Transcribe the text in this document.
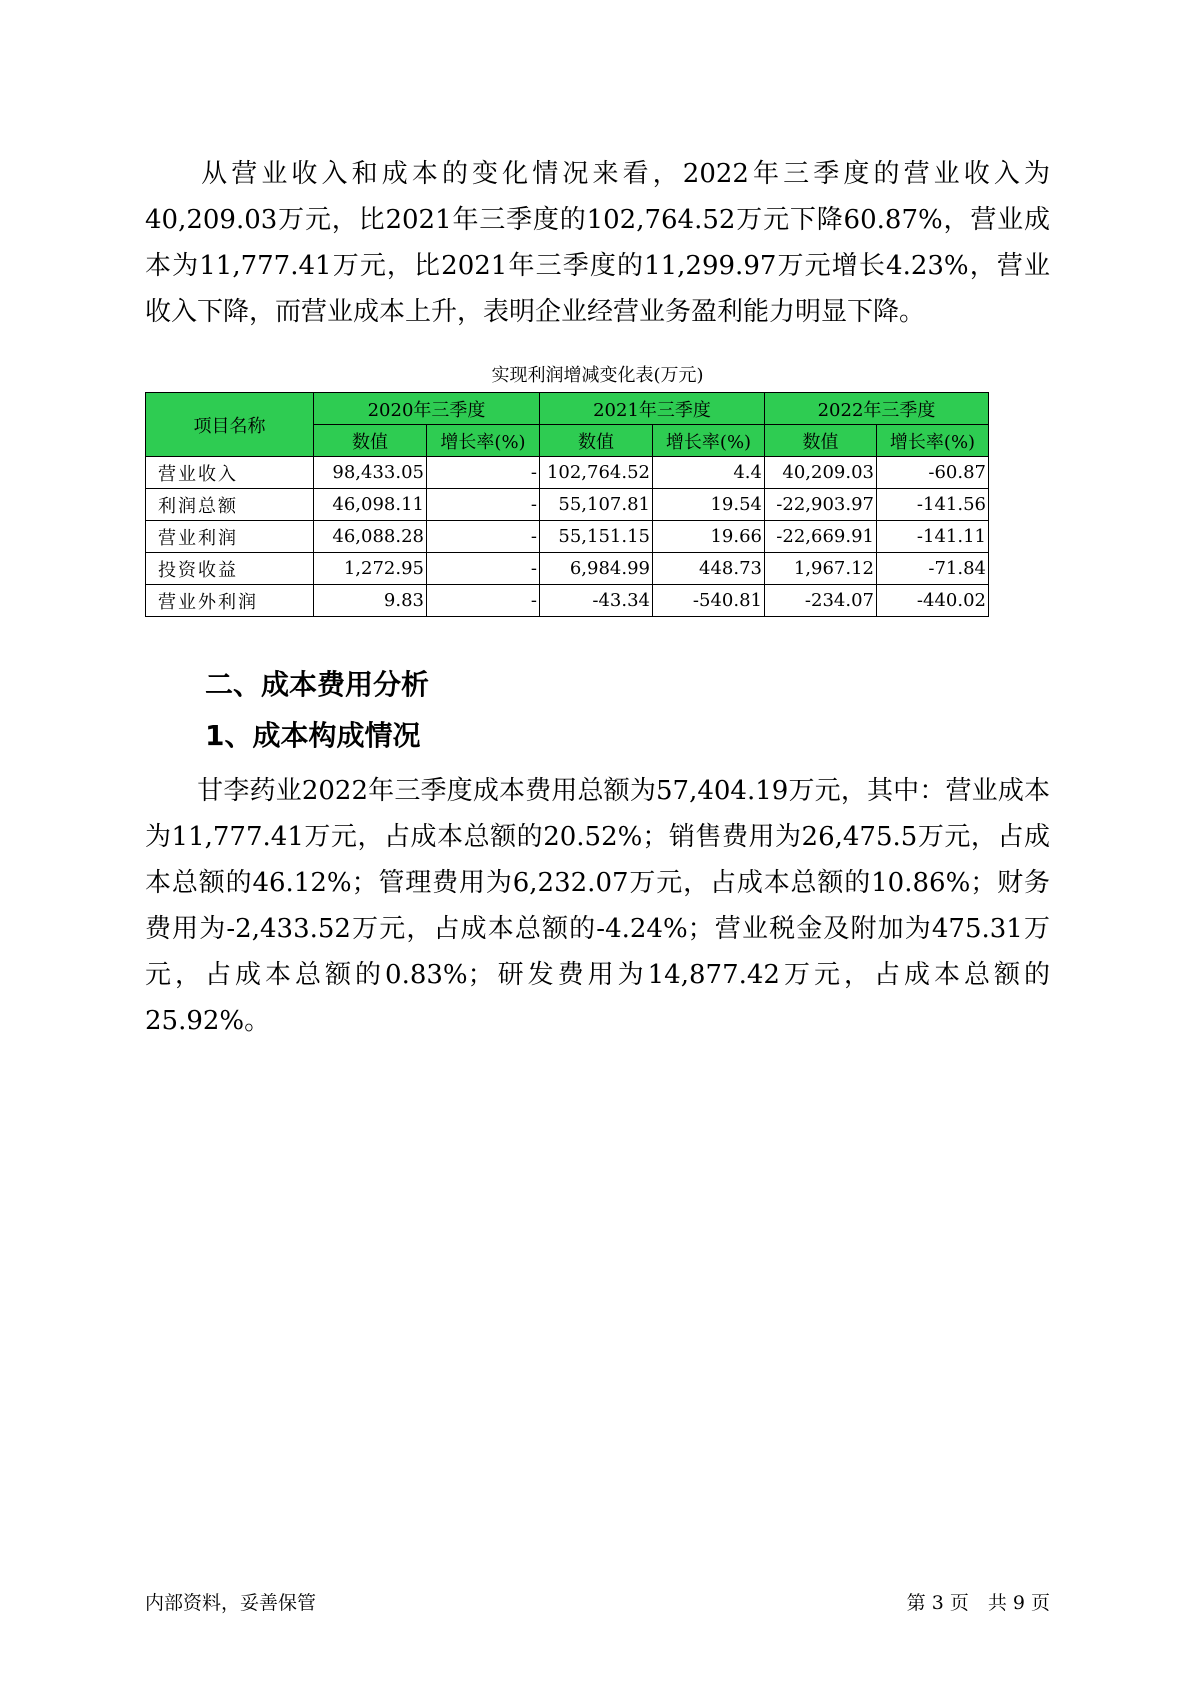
从营业收入和成本的变化情况来看，2022年三季度的营业收入为40,209.03万元，比2021年三季度的102,764.52万元下降60.87%，营业成本为11,777.41万元，比2021年三季度的11,299.97万元增长4.23%，营业收入下降，而营业成本上升，表明企业经营业务盈利能力明显下降。

实现利润增减变化表(万元)
项目名称	2020年三季度		2021年三季度		2022年三季度	
	数值	增长率(%)	数值	增长率(%)	数值	增长率(%)
营业收入	98,433.05	-	102,764.52	4.4	40,209.03	-60.87
利润总额	46,098.11	-	55,107.81	19.54	-22,903.97	-141.56
营业利润	46,088.28	-	55,151.15	19.66	-22,669.91	-141.11
投资收益	1,272.95	-	6,984.99	448.73	1,967.12	-71.84
营业外利润	9.83	-	-43.34	-540.81	-234.07	-440.02
二、成本费用分析
1、成本构成情况

甘李药业2022年三季度成本费用总额为57,404.19万元，其中：营业成本为11,777.41万元，占成本总额的20.52%；销售费用为26,475.5万元，占成本总额的46.12%；管理费用为6,232.07万元，占成本总额的10.86%；财务费用为-2,433.52万元，占成本总额的-4.24%；营业税金及附加为475.31万元，占成本总额的0.83%；研发费用为14,877.42万元，占成本总额的25.92%。

内部资料，妥善保管	第 3 页　共 9 页
